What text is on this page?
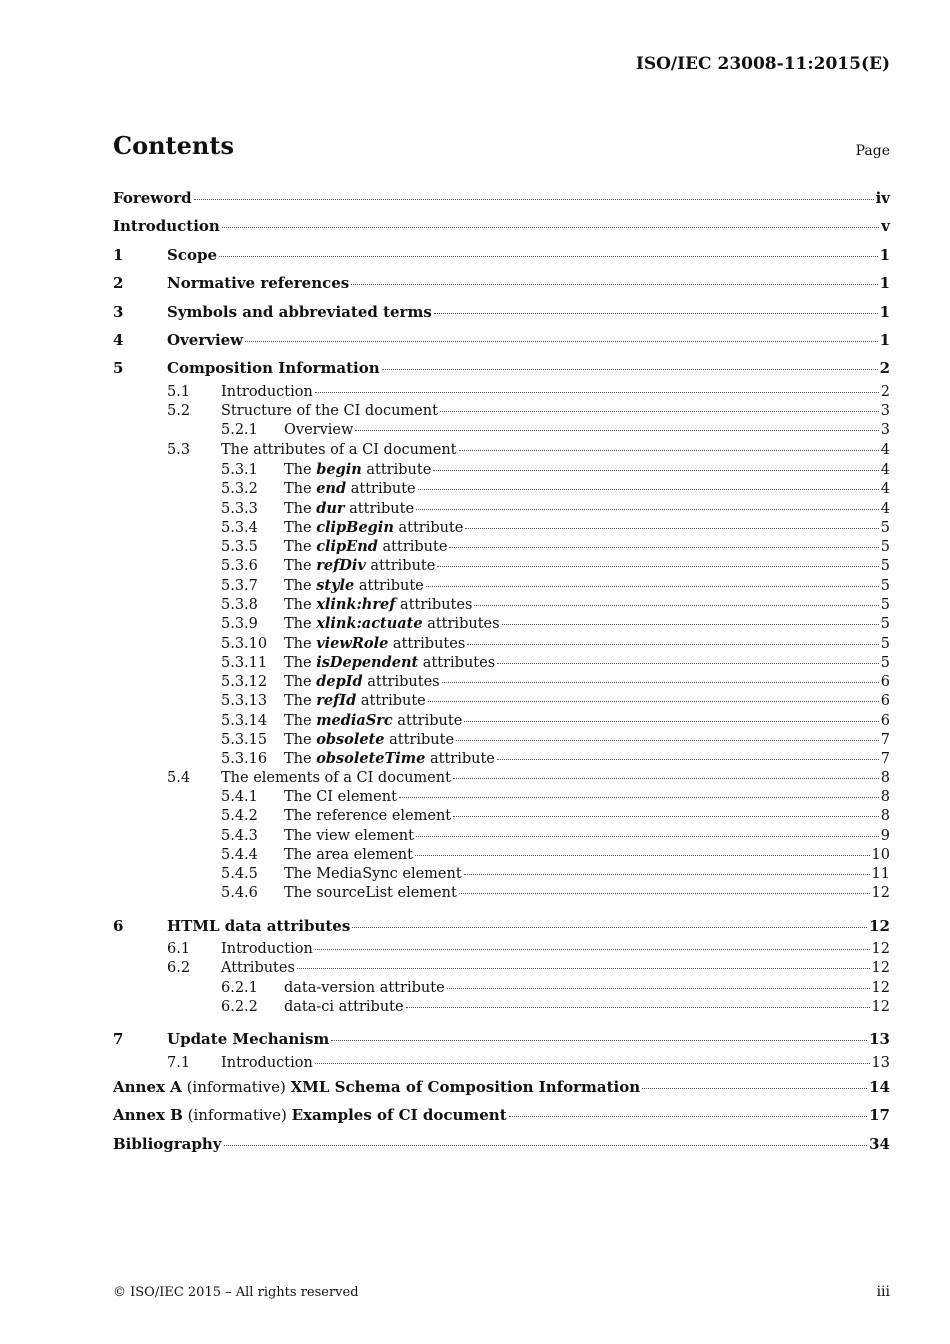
ISO/IEC 23008-11:2015(E)

Contents	Page

Foreword	iv
Introduction	v
1	Scope	1
2	Normative references	1
3	Symbols and abbreviated terms	1
4	Overview	1
5	Composition Information	2
5.1	Introduction	2
5.2	Structure of the CI document	3
5.2.1	Overview	3
5.3	The attributes of a CI document	4
5.3.1	The begin attribute	4
5.3.2	The end attribute	4
5.3.3	The dur attribute	4
5.3.4	The clipBegin attribute	5
5.3.5	The clipEnd attribute	5
5.3.6	The refDiv attribute	5
5.3.7	The style attribute	5
5.3.8	The xlink:href attributes	5
5.3.9	The xlink:actuate attributes	5
5.3.10	The viewRole attributes	5
5.3.11	The isDependent attributes	5
5.3.12	The depId attributes	6
5.3.13	The refId attribute	6
5.3.14	The mediaSrc attribute	6
5.3.15	The obsolete attribute	7
5.3.16	The obsoleteTime attribute	7
5.4	The elements of a CI document	8
5.4.1	The CI element	8
5.4.2	The reference element	8
5.4.3	The view element	9
5.4.4	The area element	10
5.4.5	The MediaSync element	11
5.4.6	The sourceList element	12
6	HTML data attributes	12
6.1	Introduction	12
6.2	Attributes	12
6.2.1	data-version attribute	12
6.2.2	data-ci attribute	12
7	Update Mechanism	13
7.1	Introduction	13
Annex A (informative) XML Schema of Composition Information	14
Annex B (informative) Examples of CI document	17
Bibliography	34

© ISO/IEC 2015 – All rights reserved	iii
